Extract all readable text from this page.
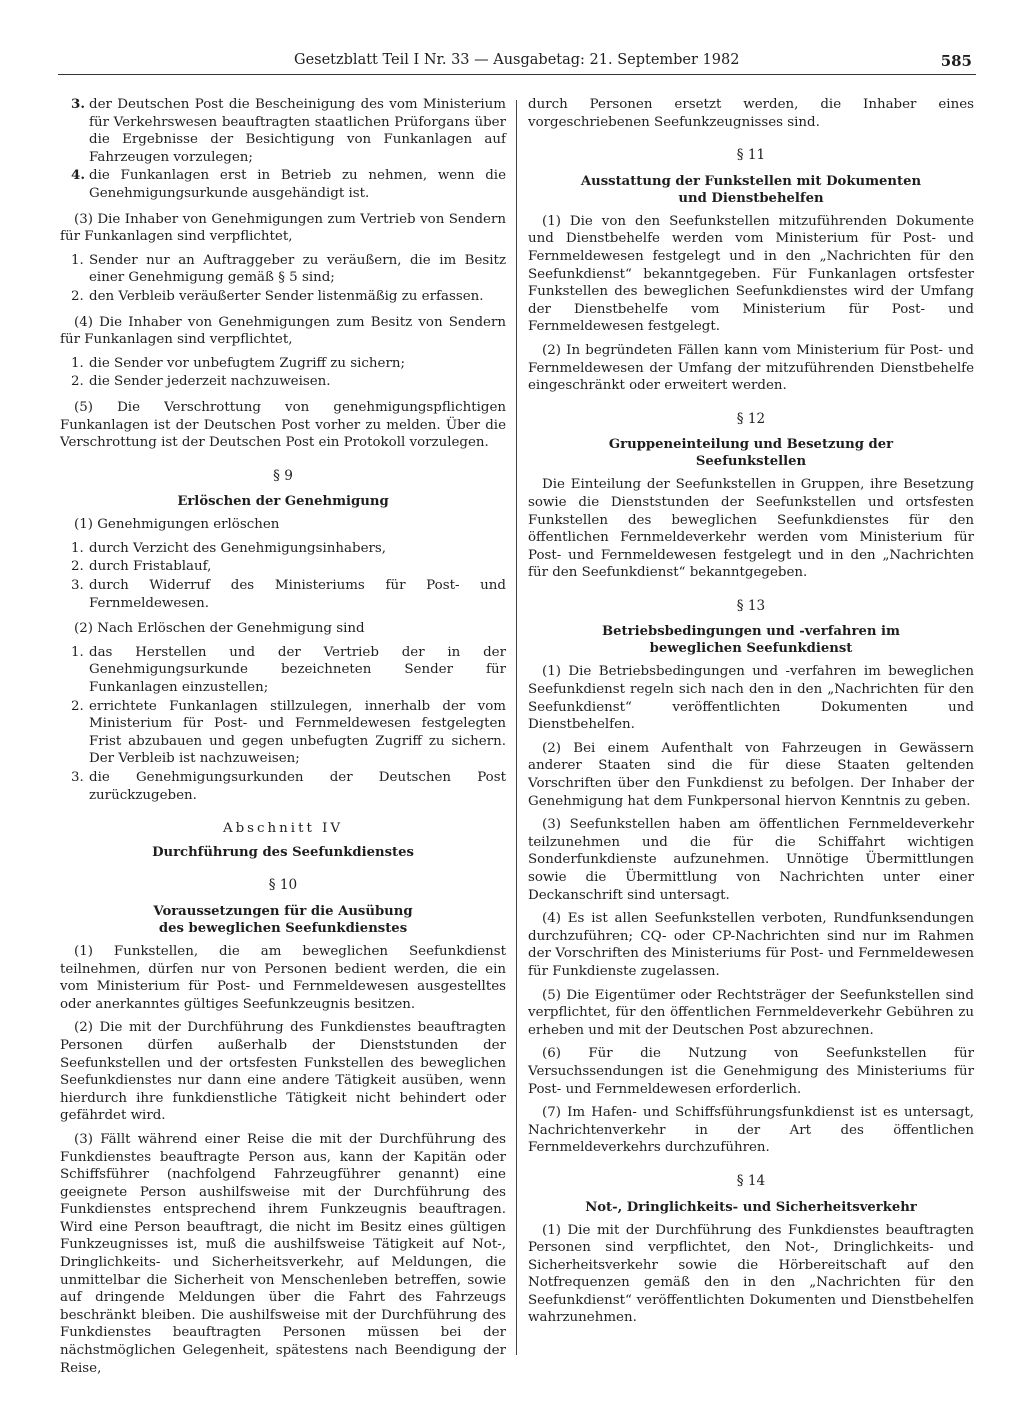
Gesetzblatt Teil I Nr. 33 — Ausgabetag: 21. September 1982	585
3. der Deutschen Post die Bescheinigung des vom Ministerium für Verkehrswesen beauftragten staatlichen Prüforgans über die Ergebnisse der Besichtigung von Funkanlagen auf Fahrzeugen vorzulegen;
4. die Funkanlagen erst in Betrieb zu nehmen, wenn die Genehmigungsurkunde ausgehändigt ist.

(3) Die Inhaber von Genehmigungen zum Vertrieb von Sendern für Funkanlagen sind verpflichtet,

1. Sender nur an Auftraggeber zu veräußern, die im Besitz einer Genehmigung gemäß § 5 sind;
2. den Verbleib veräußerter Sender listenmäßig zu erfassen.

(4) Die Inhaber von Genehmigungen zum Besitz von Sendern für Funkanlagen sind verpflichtet,

1. die Sender vor unbefugtem Zugriff zu sichern;
2. die Sender jederzeit nachzuweisen.

(5) Die Verschrottung von genehmigungspflichtigen Funkanlagen ist der Deutschen Post vorher zu melden. Über die Verschrottung ist der Deutschen Post ein Protokoll vorzulegen.

§ 9
Erlöschen der Genehmigung

(1) Genehmigungen erlöschen

1. durch Verzicht des Genehmigungsinhabers,
2. durch Fristablauf,
3. durch Widerruf des Ministeriums für Post- und Fernmeldewesen.

(2) Nach Erlöschen der Genehmigung sind

1. das Herstellen und der Vertrieb der in der Genehmigungsurkunde bezeichneten Sender für Funkanlagen einzustellen;
2. errichtete Funkanlagen stillzulegen, innerhalb der vom Ministerium für Post- und Fernmeldewesen festgelegten Frist abzubauen und gegen unbefugten Zugriff zu sichern. Der Verbleib ist nachzuweisen;
3. die Genehmigungsurkunden der Deutschen Post zurückzugeben.
Abschnitt IV
Durchführung des Seefunkdienstes
§ 10
Voraussetzungen für die Ausübung
des beweglichen Seefunkdienstes

(1) Funkstellen, die am beweglichen Seefunkdienst teilnehmen, dürfen nur von Personen bedient werden, die ein vom Ministerium für Post- und Fernmeldewesen ausgestelltes oder anerkanntes gültiges Seefunkzeugnis besitzen.

(2) Die mit der Durchführung des Funkdienstes beauftragten Personen dürfen außerhalb der Dienststunden der Seefunkstellen und der ortsfesten Funkstellen des beweglichen Seefunkdienstes nur dann eine andere Tätigkeit ausüben, wenn hierdurch ihre funkdienstliche Tätigkeit nicht behindert oder gefährdet wird.

(3) Fällt während einer Reise die mit der Durchführung des Funkdienstes beauftragte Person aus, kann der Kapitän oder Schiffsführer (nachfolgend Fahrzeugführer genannt) eine geeignete Person aushilfsweise mit der Durchführung des Funkdienstes entsprechend ihrem Funkzeugnis beauftragen. Wird eine Person beauftragt, die nicht im Besitz eines gültigen Funkzeugnisses ist, muß die aushilfsweise Tätigkeit auf Not-, Dringlichkeits- und Sicherheitsverkehr, auf Meldungen, die unmittelbar die Sicherheit von Menschenleben betreffen, sowie auf dringende Meldungen über die Fahrt des Fahrzeugs beschränkt bleiben. Die aushilfsweise mit der Durchführung des Funkdienstes beauftragten Personen müssen bei der nächstmöglichen Gelegenheit, spätestens nach Beendigung der Reise,

durch Personen ersetzt werden, die Inhaber eines vorgeschriebenen Seefunkzeugnisses sind.

§ 11
Ausstattung der Funkstellen mit Dokumenten
und Dienstbehelfen

(1) Die von den Seefunkstellen mitzuführenden Dokumente und Dienstbehelfe werden vom Ministerium für Post- und Fernmeldewesen festgelegt und in den „Nachrichten für den Seefunkdienst“ bekanntgegeben. Für Funkanlagen ortsfester Funkstellen des beweglichen Seefunkdienstes wird der Umfang der Dienstbehelfe vom Ministerium für Post- und Fernmeldewesen festgelegt.

(2) In begründeten Fällen kann vom Ministerium für Post- und Fernmeldewesen der Umfang der mitzuführenden Dienstbehelfe eingeschränkt oder erweitert werden.

§ 12
Gruppeneinteilung und Besetzung der
Seefunkstellen

Die Einteilung der Seefunkstellen in Gruppen, ihre Besetzung sowie die Dienststunden der Seefunkstellen und ortsfesten Funkstellen des beweglichen Seefunkdienstes für den öffentlichen Fernmeldeverkehr werden vom Ministerium für Post- und Fernmeldewesen festgelegt und in den „Nachrichten für den Seefunkdienst“ bekanntgegeben.

§ 13
Betriebsbedingungen und -verfahren im
beweglichen Seefunkdienst

(1) Die Betriebsbedingungen und -verfahren im beweglichen Seefunkdienst regeln sich nach den in den „Nachrichten für den Seefunkdienst“ veröffentlichten Dokumenten und Dienstbehelfen.

(2) Bei einem Aufenthalt von Fahrzeugen in Gewässern anderer Staaten sind die für diese Staaten geltenden Vorschriften über den Funkdienst zu befolgen. Der Inhaber der Genehmigung hat dem Funkpersonal hiervon Kenntnis zu geben.

(3) Seefunkstellen haben am öffentlichen Fernmeldeverkehr teilzunehmen und die für die Schiffahrt wichtigen Sonderfunkdienste aufzunehmen. Unnötige Übermittlungen sowie die Übermittlung von Nachrichten unter einer Deckanschrift sind untersagt.

(4) Es ist allen Seefunkstellen verboten, Rundfunksendungen durchzuführen; CQ- oder CP-Nachrichten sind nur im Rahmen der Vorschriften des Ministeriums für Post- und Fernmeldewesen für Funkdienste zugelassen.

(5) Die Eigentümer oder Rechtsträger der Seefunkstellen sind verpflichtet, für den öffentlichen Fernmeldeverkehr Gebühren zu erheben und mit der Deutschen Post abzurechnen.

(6) Für die Nutzung von Seefunkstellen für Versuchssendungen ist die Genehmigung des Ministeriums für Post- und Fernmeldewesen erforderlich.

(7) Im Hafen- und Schiffsführungsfunkdienst ist es untersagt, Nachrichtenverkehr in der Art des öffentlichen Fernmeldeverkehrs durchzuführen.

§ 14
Not-, Dringlichkeits- und Sicherheitsverkehr

(1) Die mit der Durchführung des Funkdienstes beauftragten Personen sind verpflichtet, den Not-, Dringlichkeits- und Sicherheitsverkehr sowie die Hörbereitschaft auf den Notfrequenzen gemäß den in den „Nachrichten für den Seefunkdienst“ veröffentlichten Dokumenten und Dienstbehelfen wahrzunehmen.
